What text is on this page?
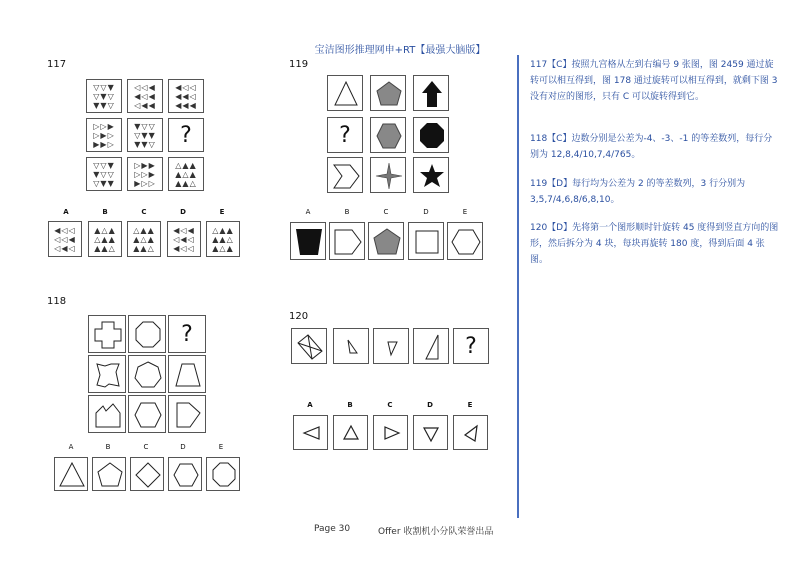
宝洁图形推理网申+RT【最强大脑版】
117
▽▽▼
▽▼▽
▼▼▽
◁◁◀
◀◁◀
◁◀◀
◀◁◁
◀◀◁
◀◀◀
▷▷▶
▷▶▷
▶▶▷
▼▽▽
▽▼▼
▼▼▽	?
▽▽▼
▼▽▽
▽▼▼
▷▶▶
▷▷▶
▶▷▷
△▲▲
▲△▲
▲▲△
A	B	C	D	E
◀◁◁
◁◁◀
◁◀◁
▲△▲
△▲▲
▲▲△
△▲▲
▲△▲
▲▲△
◀◁◀
◁◀◁
◀◁◁
△▲▲
▲▲△
▲△▲
119
?
A	B	C	D	E
118
?
A	B	C	D	E
120
?
A	B	C	D	E
117【C】按照九宫格从左到右编号 9 张图，图 2459 通过旋转可以相互得到，图 178 通过旋转可以相互得到，就剩下图 3 没有对应的图形，只有 C 可以旋转得到它。
118【C】边数分别是公差为-4、-3、-1 的等差数列，每行分别为 12,8,4/10,7,4/765。
119【D】每行均为公差为 2 的等差数列，3 行分别为 3,5,7/4,6,8/6,8,10。
120【D】先将第一个图形顺时针旋转 45 度得到竖直方向的图形，然后拆分为 4 块，每块再旋转 180 度，得到后面 4 张图。
Page 30	Offer 收割机小分队荣誉出品
